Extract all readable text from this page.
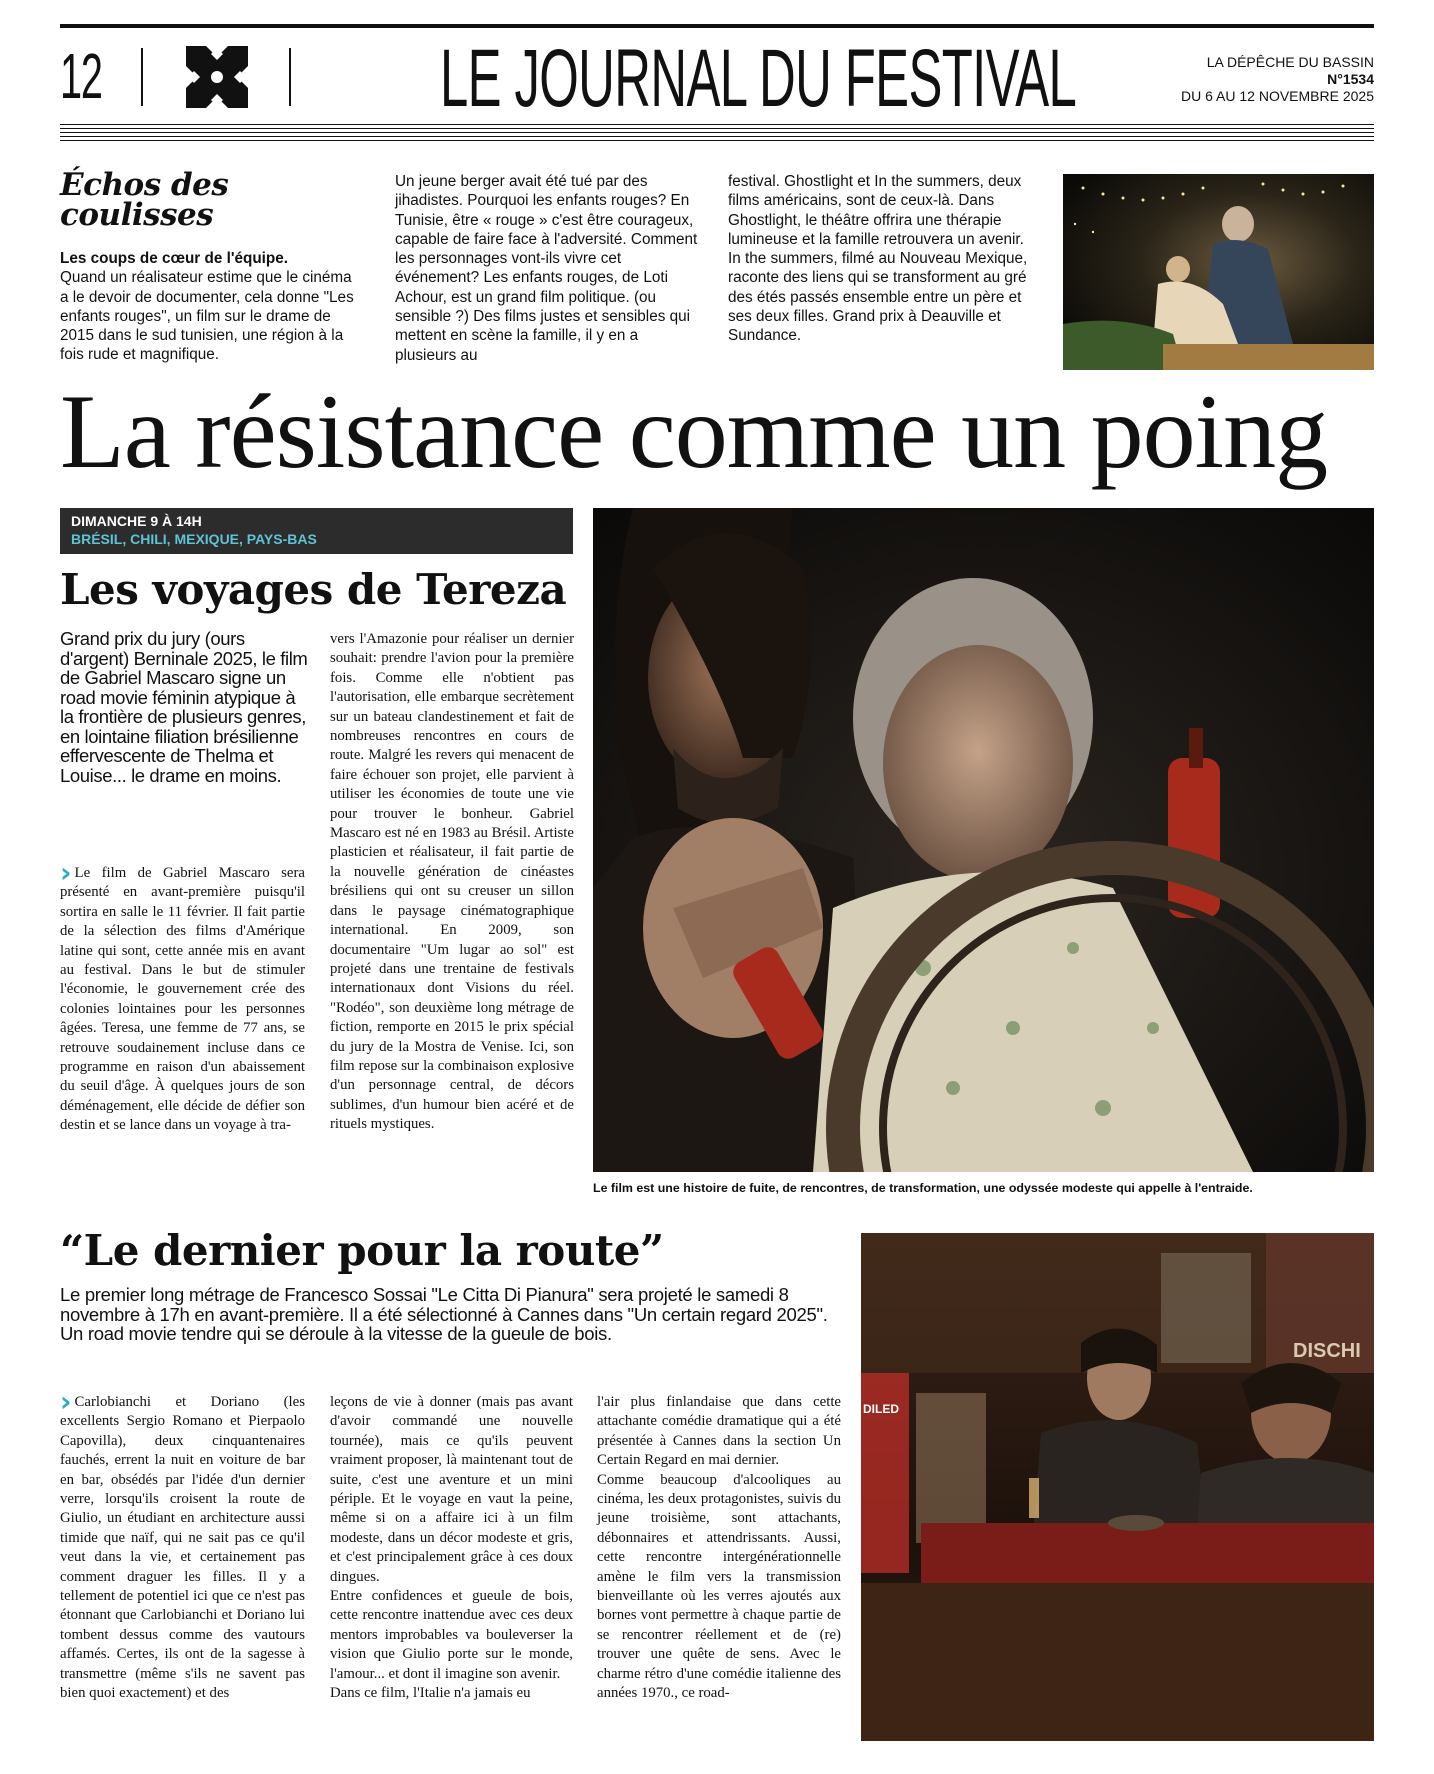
12	LE JOURNAL DU FESTIVAL	LA DÉPÊCHE DU BASSIN
N°1534
DU 6 AU 12 NOVEMBRE 2025
Échos des
coulisses
Les coups de cœur de l'équipe.
Quand un réalisateur estime que le cinéma a le devoir de documenter, cela donne "Les enfants rouges", un film sur le drame de 2015 dans le sud tunisien, une région à la fois rude et magnifique.
Un jeune berger avait été tué par des jihadistes. Pourquoi les enfants rouges? En Tunisie, être « rouge » c'est être courageux, capable de faire face à l'adversité. Comment les personnages vont-ils vivre cet événement? Les enfants rouges, de Loti Achour, est un grand film politique. (ou sensible ?) Des films justes et sensibles qui mettent en scène la famille, il y en a plusieurs au
festival. Ghostlight et In the summers, deux films américains, sont de ceux-là. Dans Ghostlight, le théâtre offrira une thérapie lumineuse et la famille retrouvera un avenir. In the summers, filmé au Nouveau Mexique, raconte des liens qui se transforment au gré des étés passés ensemble entre un père et ses deux filles. Grand prix à Deauville et Sundance.
La résistance comme un poing
DIMANCHE 9 À 14H
BRÉSIL, CHILI, MEXIQUE, PAYS-BAS
Les voyages de Tereza
Grand prix du jury (ours d'argent) Berninale 2025, le film de Gabriel Mascaro signe un road movie féminin atypique à la frontière de plusieurs genres, en lointaine filiation brésilienne effervescente de Thelma et Louise... le drame en moins.
› Le film de Gabriel Mascaro sera présenté en avant-première puisqu'il sortira en salle le 11 février. Il fait partie de la sélection des films d'Amérique latine qui sont, cette année mis en avant au festival. Dans le but de stimuler l'économie, le gouvernement crée des colonies lointaines pour les personnes âgées. Teresa, une femme de 77 ans, se retrouve soudainement incluse dans ce programme en raison d'un abaissement du seuil d'âge. À quelques jours de son déménagement, elle décide de défier son destin et se lance dans un voyage à tra-
vers l'Amazonie pour réaliser un dernier souhait: prendre l'avion pour la première fois. Comme elle n'obtient pas l'autorisation, elle embarque secrètement sur un bateau clandestinement et fait de nombreuses rencontres en cours de route. Malgré les revers qui menacent de faire échouer son projet, elle parvient à utiliser les économies de toute une vie pour trouver le bonheur. Gabriel Mascaro est né en 1983 au Brésil. Artiste plasticien et réalisateur, il fait partie de la nouvelle génération de cinéastes brésiliens qui ont su creuser un sillon dans le paysage cinématographique international. En 2009, son documentaire "Um lugar ao sol" est projeté dans une trentaine de festivals internationaux dont Visions du réel. "Rodéo", son deuxième long métrage de fiction, remporte en 2015 le prix spécial du jury de la Mostra de Venise. Ici, son film repose sur la combinaison explosive d'un personnage central, de décors sublimes, d'un humour bien acéré et de rituels mystiques.
Le film est une histoire de fuite, de rencontres, de transformation, une odyssée modeste qui appelle à l'entraide.
“Le dernier pour la route”
Le premier long métrage de Francesco Sossai "Le Citta Di Pianura" sera projeté le samedi 8 novembre à 17h en avant-première. Il a été sélectionné à Cannes dans "Un certain regard 2025". Un road movie tendre qui se déroule à la vitesse de la gueule de bois.
› Carlobianchi et Doriano (les excellents Sergio Romano et Pierpaolo Capovilla), deux cinquantenaires fauchés, errent la nuit en voiture de bar en bar, obsédés par l'idée d'un dernier verre, lorsqu'ils croisent la route de Giulio, un étudiant en architecture aussi timide que naïf, qui ne sait pas ce qu'il veut dans la vie, et certainement pas comment draguer les filles. Il y a tellement de potentiel ici que ce n'est pas étonnant que Carlobianchi et Doriano lui tombent dessus comme des vautours affamés. Certes, ils ont de la sagesse à transmettre (même s'ils ne savent pas bien quoi exactement) et des
leçons de vie à donner (mais pas avant d'avoir commandé une nouvelle tournée), mais ce qu'ils peuvent vraiment proposer, là maintenant tout de suite, c'est une aventure et un mini périple. Et le voyage en vaut la peine, même si on a affaire ici à un film modeste, dans un décor modeste et gris, et c'est principalement grâce à ces doux dingues.
Entre confidences et gueule de bois, cette rencontre inattendue avec ces deux mentors improbables va bouleverser la vision que Giulio porte sur le monde, l'amour... et dont il imagine son avenir.
Dans ce film, l'Italie n'a jamais eu
l'air plus finlandaise que dans cette attachante comédie dramatique qui a été présentée à Cannes dans la section Un Certain Regard en mai dernier.
Comme beaucoup d'alcooliques au cinéma, les deux protagonistes, suivis du jeune troisième, sont attachants, débonnaires et attendrissants. Aussi, cette rencontre intergénérationnelle amène le film vers la transmission bienveillante où les verres ajoutés aux bornes vont permettre à chaque partie de se rencontrer réellement et de (re) trouver une quête de sens. Avec le charme rétro d'une comédie italienne des années 1970., ce road-
DISCHI
DILED
